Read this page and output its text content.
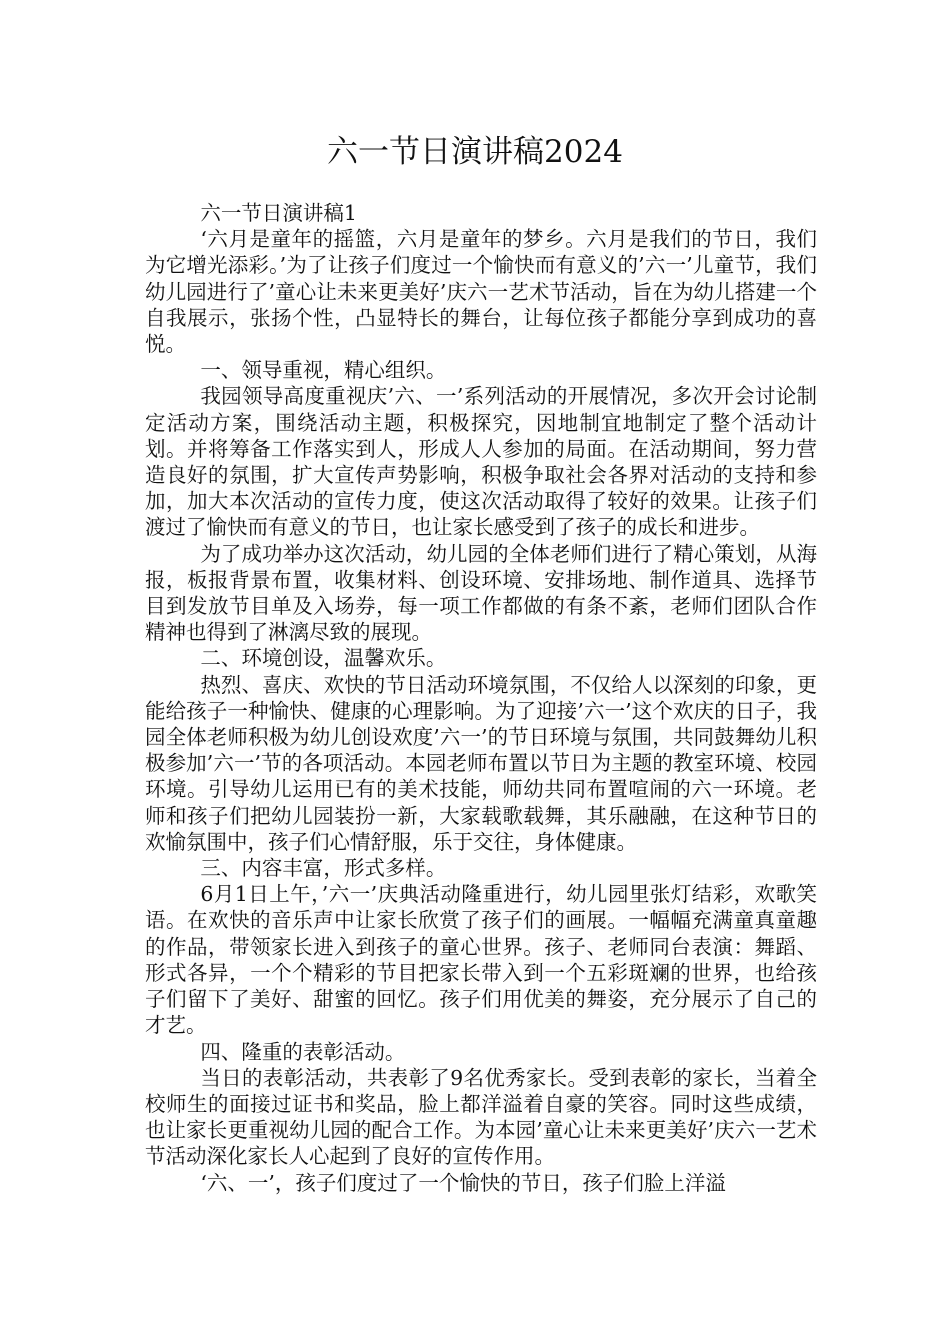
六一节日演讲稿2024

六一节日演讲稿1

‘六月是童年的摇篮，六月是童年的梦乡。六月是我们的节日，我们为它增光添彩。’为了让孩子们度过一个愉快而有意义的’六一’儿童节，我们幼儿园进行了’童心让未来更美好’庆六一艺术节活动，旨在为幼儿搭建一个自我展示，张扬个性，凸显特长的舞台，让每位孩子都能分享到成功的喜悦。

一、领导重视，精心组织。

我园领导高度重视庆’六、一’系列活动的开展情况，多次开会讨论制定活动方案，围绕活动主题，积极探究，因地制宜地制定了整个活动计划。并将筹备工作落实到人，形成人人参加的局面。在活动期间，努力营造良好的氛围，扩大宣传声势影响，积极争取社会各界对活动的支持和参加，加大本次活动的宣传力度，使这次活动取得了较好的效果。让孩子们渡过了愉快而有意义的节日，也让家长感受到了孩子的成长和进步。

为了成功举办这次活动，幼儿园的全体老师们进行了精心策划，从海报，板报背景布置，收集材料、创设环境、安排场地、制作道具、选择节目到发放节目单及入场券，每一项工作都做的有条不紊，老师们团队合作精神也得到了淋漓尽致的展现。

二、环境创设，温馨欢乐。

热烈、喜庆、欢快的节日活动环境氛围，不仅给人以深刻的印象，更能给孩子一种愉快、健康的心理影响。为了迎接’六一’这个欢庆的日子，我园全体老师积极为幼儿创设欢度’六一’的节日环境与氛围，共同鼓舞幼儿积极参加’六一’节的各项活动。本园老师布置以节日为主题的教室环境、校园环境。引导幼儿运用已有的美术技能，师幼共同布置喧闹的六一环境。老师和孩子们把幼儿园装扮一新，大家载歌载舞，其乐融融，在这种节日的欢愉氛围中，孩子们心情舒服，乐于交往，身体健康。

三、内容丰富，形式多样。

6月1日上午，’六一’庆典活动隆重进行，幼儿园里张灯结彩，欢歌笑语。在欢快的音乐声中让家长欣赏了孩子们的画展。一幅幅充满童真童趣的作品，带领家长进入到孩子的童心世界。孩子、老师同台表演：舞蹈、形式各异，一个个精彩的节目把家长带入到一个五彩斑斓的世界，也给孩子们留下了美好、甜蜜的回忆。孩子们用优美的舞姿，充分展示了自己的才艺。

四、隆重的表彰活动。

当日的表彰活动，共表彰了9名优秀家长。受到表彰的家长，当着全校师生的面接过证书和奖品，脸上都洋溢着自豪的笑容。同时这些成绩，也让家长更重视幼儿园的配合工作。为本园’童心让未来更美好’庆六一艺术节活动深化家长人心起到了良好的宣传作用。

‘六、一’，孩子们度过了一个愉快的节日，孩子们脸上洋溢
